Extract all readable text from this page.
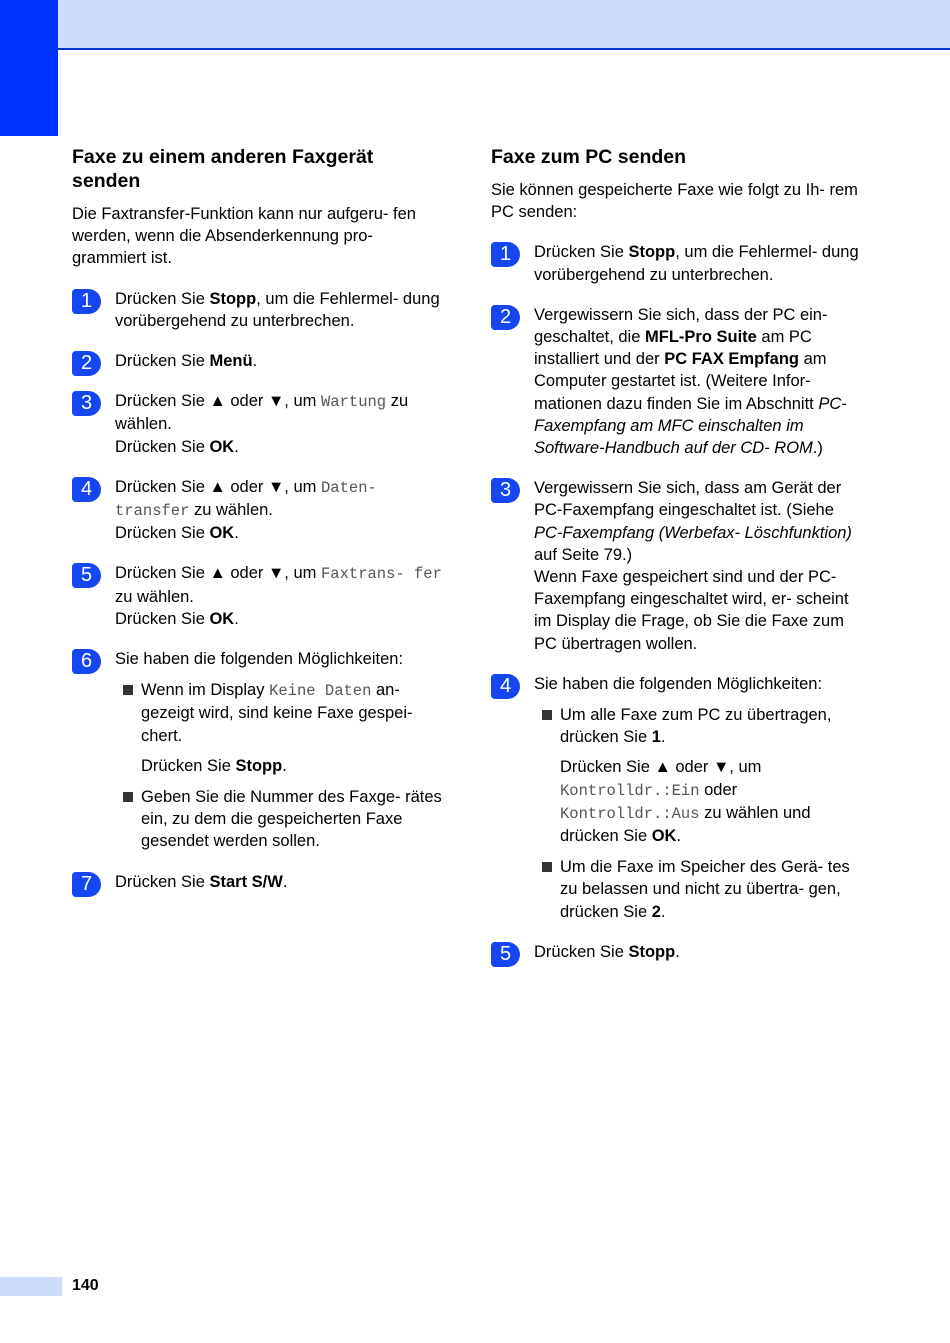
Faxe zu einem anderen Faxgerät senden

Die Faxtransfer-Funktion kann nur aufgeru- fen werden, wenn die Absenderkennung pro- grammiert ist.

1	Drücken Sie Stopp, um die Fehlermel- dung vorübergehend zu unterbrechen.
2	Drücken Sie Menü.
3	Drücken Sie ▲ oder ▼, um Wartung zu wählen.
Drücken Sie OK.
4	Drücken Sie ▲ oder ▼, um Daten- transfer zu wählen.
Drücken Sie OK.
5	Drücken Sie ▲ oder ▼, um Faxtrans- fer zu wählen.
Drücken Sie OK.
6	Sie haben die folgenden Möglichkeiten:
Wenn im Display Keine Daten an- gezeigt wird, sind keine Faxe gespei- chert.
Drücken Sie Stopp.
Geben Sie die Nummer des Faxge- rätes ein, zu dem die gespeicherten Faxe gesendet werden sollen.
7	Drücken Sie Start S/W.
Faxe zum PC senden

Sie können gespeicherte Faxe wie folgt zu Ih- rem PC senden:

1	Drücken Sie Stopp, um die Fehlermel- dung vorübergehend zu unterbrechen.
2	Vergewissern Sie sich, dass der PC ein- geschaltet, die MFL-Pro Suite am PC installiert und der PC FAX Empfang am Computer gestartet ist. (Weitere Infor- mationen dazu finden Sie im Abschnitt PC-Faxempfang am MFC einschalten im Software-Handbuch auf der CD- ROM.)
3	Vergewissern Sie sich, dass am Gerät der PC-Faxempfang eingeschaltet ist. (Siehe PC-Faxempfang (Werbefax- Löschfunktion) auf Seite 79.)
Wenn Faxe gespeichert sind und der PC-Faxempfang eingeschaltet wird, er- scheint im Display die Frage, ob Sie die Faxe zum PC übertragen wollen.
4	Sie haben die folgenden Möglichkeiten:
Um alle Faxe zum PC zu übertragen, drücken Sie 1.
Drücken Sie ▲ oder ▼, um
Kontrolldr.:Ein oder
Kontrolldr.:Aus zu wählen und drücken Sie OK.
Um die Faxe im Speicher des Gerä- tes zu belassen und nicht zu übertra- gen, drücken Sie 2.
5	Drücken Sie Stopp.
140
